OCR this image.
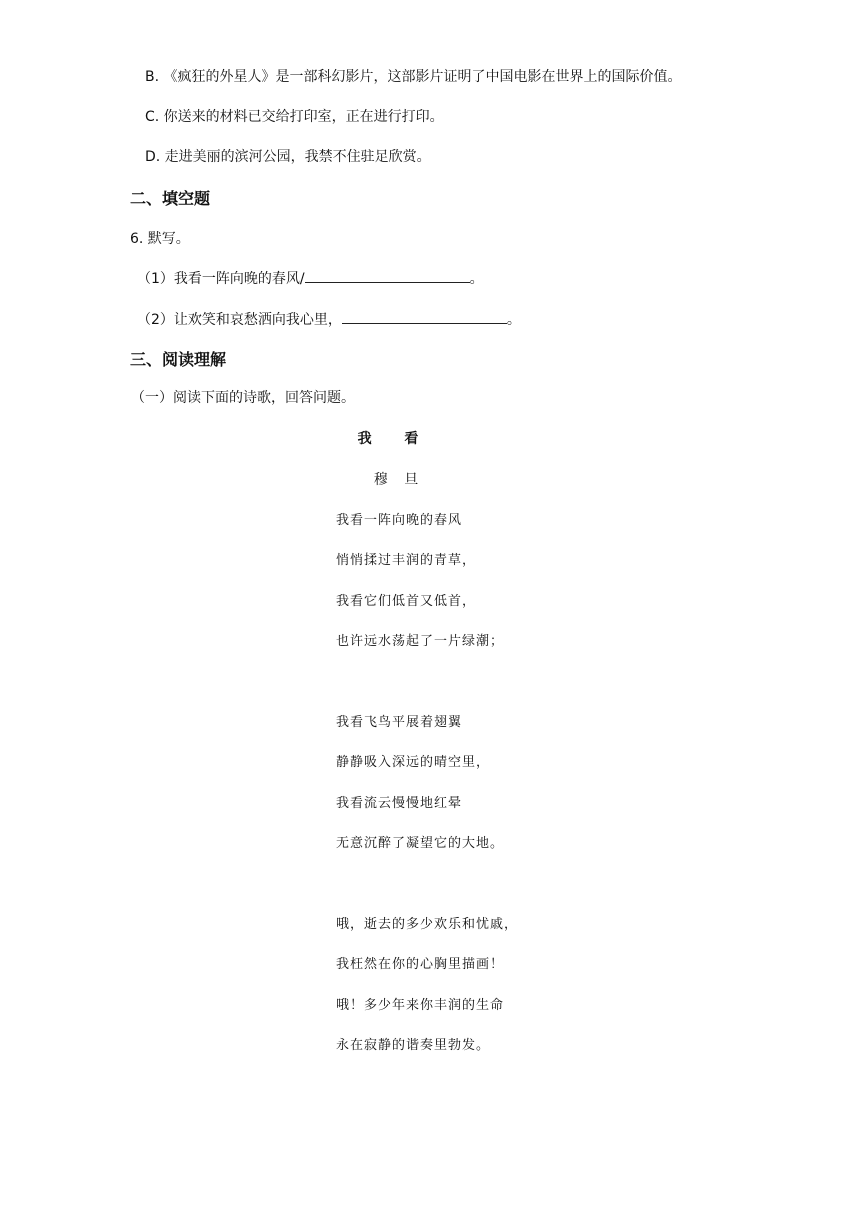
B. 《疯狂的外星人》是一部科幻影片，这部影片证明了中国电影在世界上的国际价值。
C. 你送来的材料已交给打印室，正在进行打印。
D. 走进美丽的滨河公园，我禁不住驻足欣赏。
二、填空题
6. 默写。
（1）我看一阵向晚的春风/	。
（2）让欢笑和哀愁洒向我心里，	。
三、阅读理解
（一）阅读下面的诗歌，回答问题。
我 看
穆 旦
我看一阵向晚的春风
悄悄揉过丰润的青草，
我看它们低首又低首，
也许远水荡起了一片绿潮；
我看飞鸟平展着翅翼
静静吸入深远的晴空里，
我看流云慢慢地红晕
无意沉醉了凝望它的大地。
哦，逝去的多少欢乐和忧戚，
我枉然在你的心胸里描画！
哦！多少年来你丰润的生命
永在寂静的谐奏里勃发。
